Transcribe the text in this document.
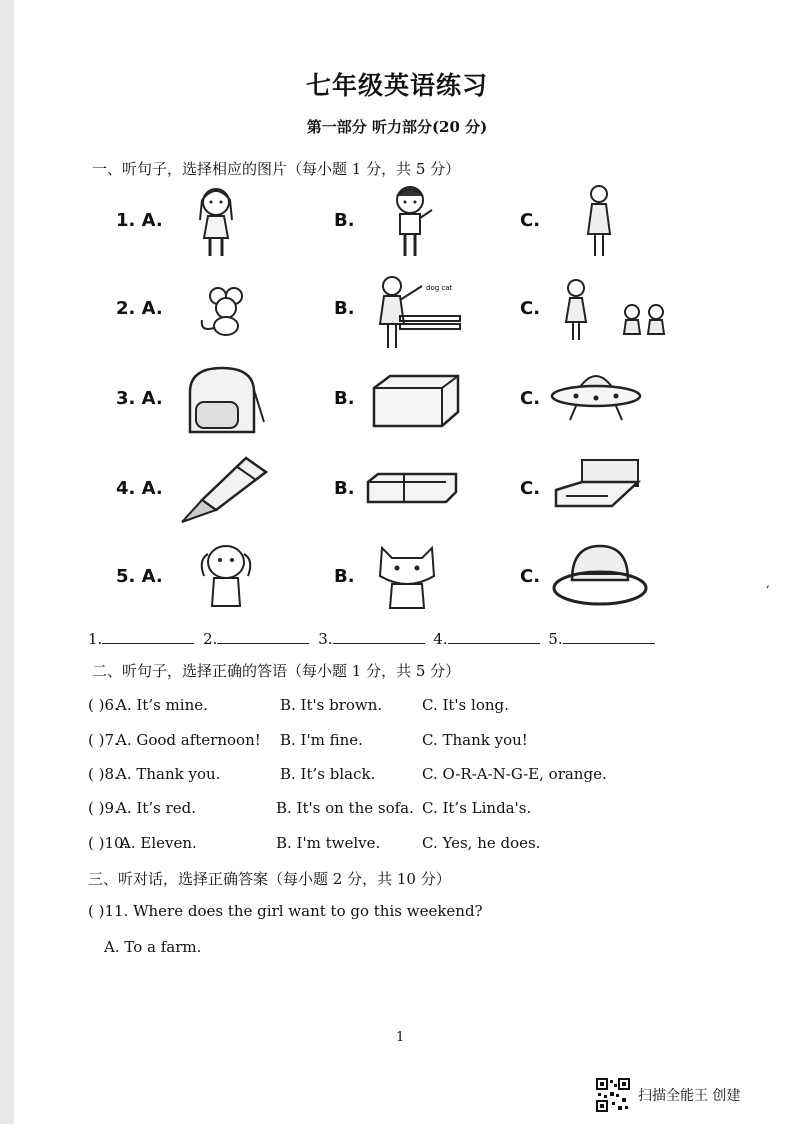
七年级英语练习
第一部分 听力部分(20 分)
一、听句子，选择相应的图片（每小题 1 分，共 5 分）
1. A.	B.	C.
2. A.	B.
dog cat
C.
3. A.	B.	C.
4. A.	B.	C.
5. A.	B.	C.
1.	2.	3.	4.	5.
二、听句子，选择正确的答语（每小题 1 分，共 5 分）
( )6.
A. It’s mine.	B. It's brown.	C. It's long.
( )7.
A. Good afternoon! B. I'm fine.	C. Thank you!
( )8.
A. Thank you.	B. It’s black.	C. O-R-A-N-G-E, orange.
( )9.
A. It’s red.	B. It's on the sofa. C. It’s Linda's.
( )10.
A. Eleven.	B. I'm twelve.	C. Yes, he does.
三、听对话，选择正确答案（每小题 2 分，共 10 分）
( )11. Where does the girl want to go this weekend?
A. To a farm.
,
1
扫描全能王 创建
